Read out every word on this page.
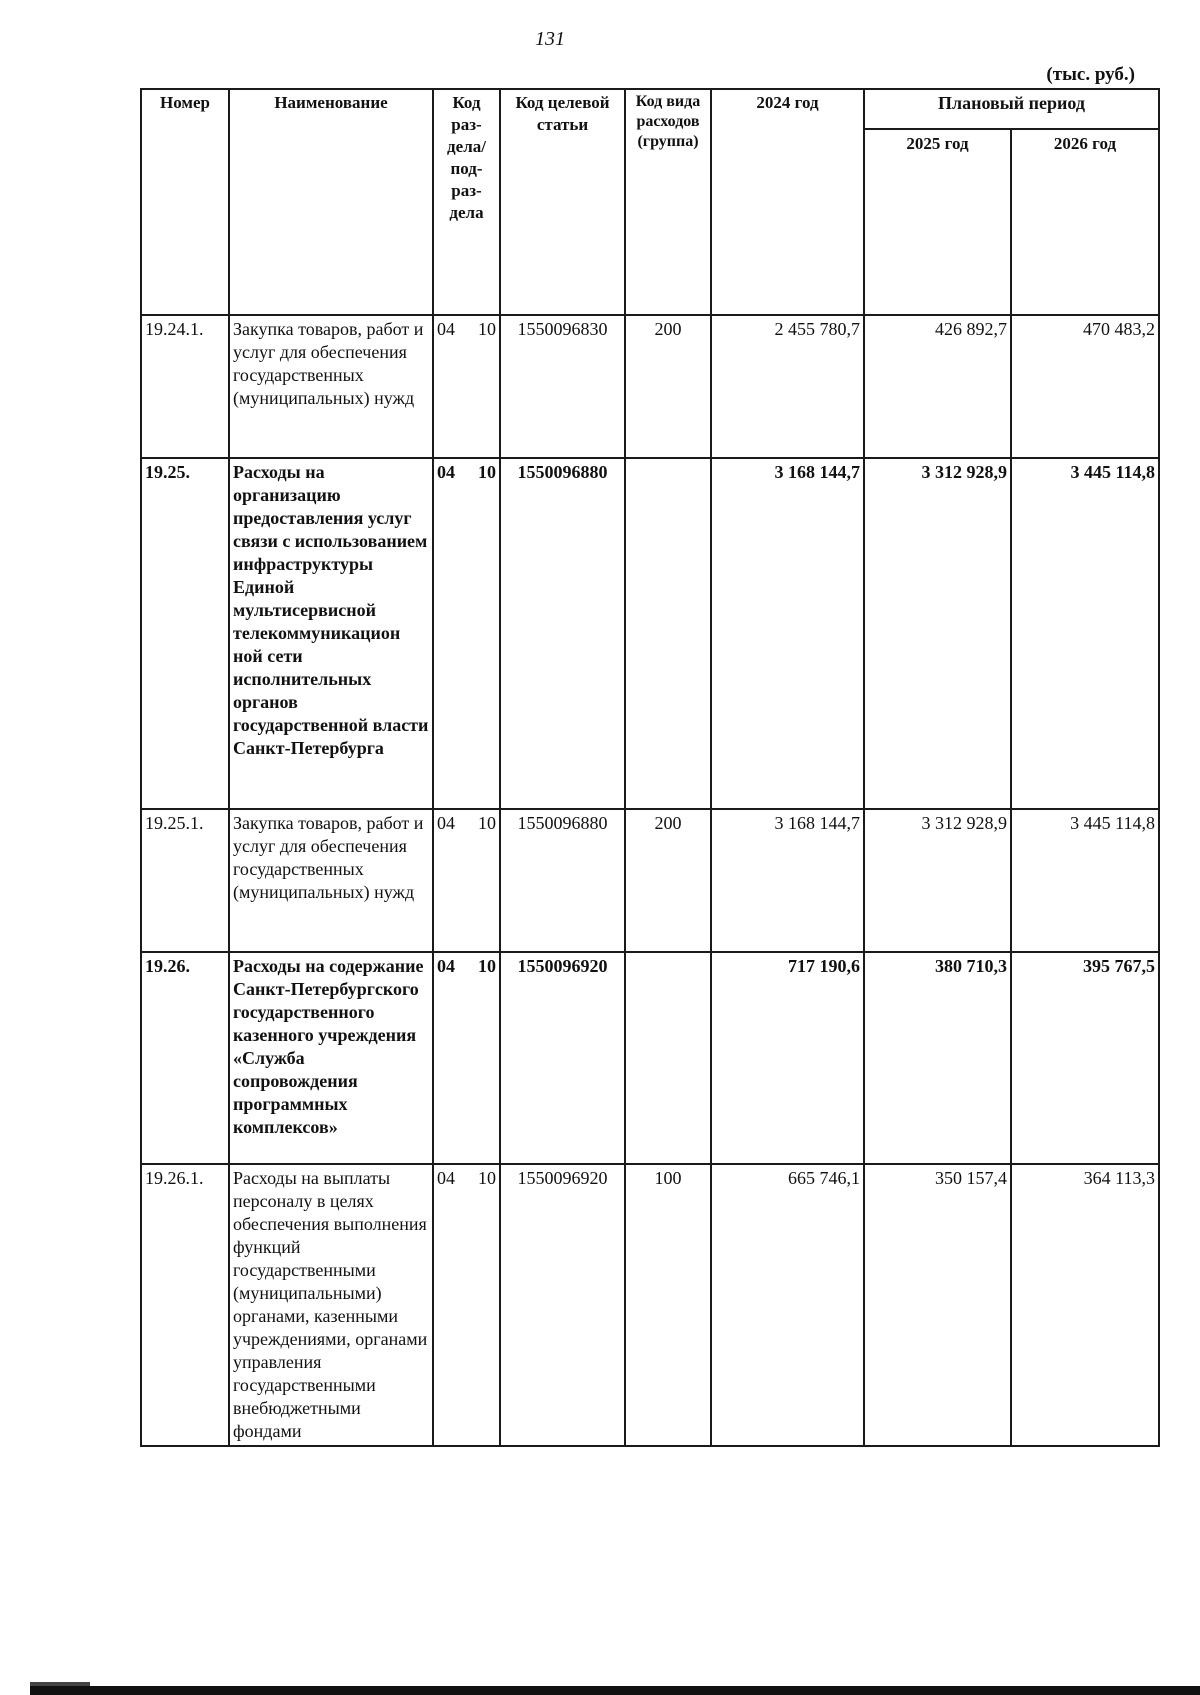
131
(тыс. руб.)
Номер	Наименование	Код раз-
дела/
под-
раз-
дела	Код целевой статьи	Код вида расходов (группа)	2024 год	Плановый период	
						2025 год	2026 год
19.24.1.	Закупка товаров, работ и услуг для обеспечения государственных (муниципальных) нужд	04 10	1550096830	200	2 455 780,7	426 892,7	470 483,2
19.25.	Расходы на организацию предоставления услуг связи с использованием инфраструктуры Единой мультисервисной телекоммуникацион ной сети исполнительных органов государственной власти Санкт-Петербурга	04 10	1550096880		3 168 144,7	3 312 928,9	3 445 114,8
19.25.1.	Закупка товаров, работ и услуг для обеспечения государственных (муниципальных) нужд	04 10	1550096880	200	3 168 144,7	3 312 928,9	3 445 114,8
19.26.	Расходы на содержание Санкт-Петербургского государственного казенного учреждения «Служба сопровождения программных комплексов»	04 10	1550096920		717 190,6	380 710,3	395 767,5
19.26.1.	Расходы на выплаты персоналу в целях обеспечения выполнения функций государственными (муниципальными) органами, казенными учреждениями, органами управления государственными внебюджетными фондами	04 10	1550096920	100	665 746,1	350 157,4	364 113,3
